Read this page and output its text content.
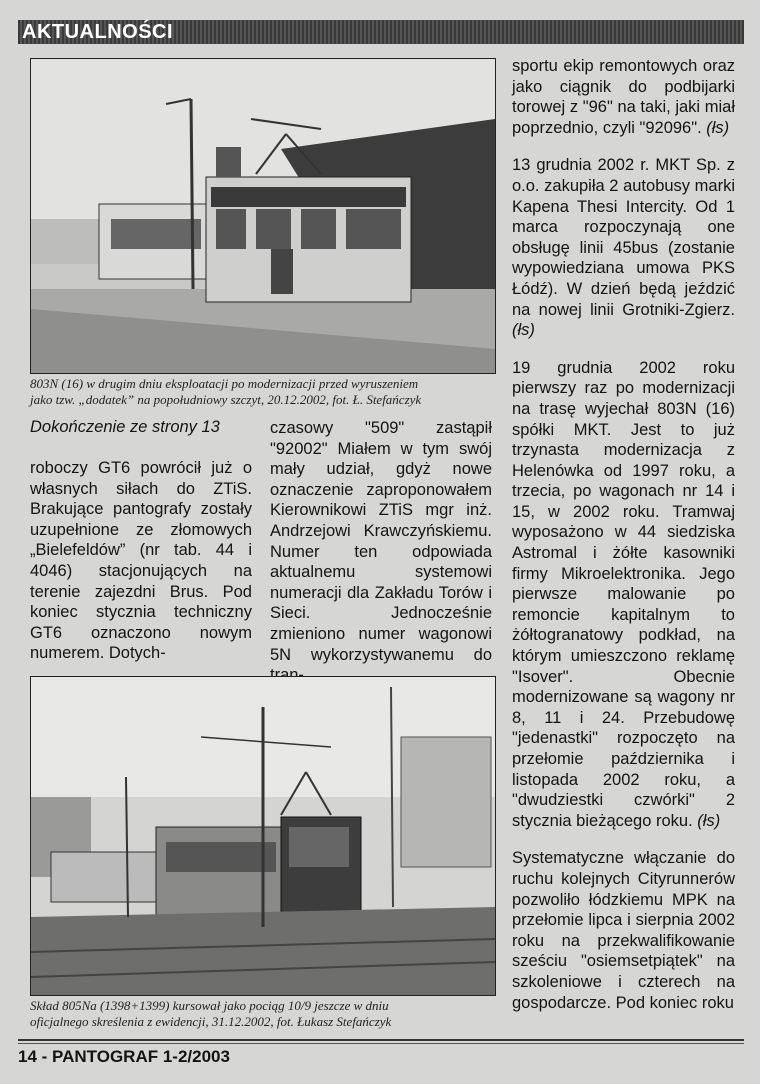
AKTUALNOŚCI
803N (16) w drugim dniu eksploatacji po modernizacji przed wyruszeniem
jako tzw. „dodatek” na popołudniowy szczyt, 20.12.2002, fot. Ł. Stefańczyk
Dokończenie ze strony 13
roboczy GT6 powrócił już o własnych siłach do ZTiS. Brakujące pantografy zostały uzupełnione ze złomowych „Bielefeldów” (nr tab. 44 i 4046) stacjonujących na terenie zajezdni Brus. Pod koniec stycznia techniczny GT6 oznaczono nowym numerem. Dotych-
czasowy "509" zastąpił "92002" Miałem w tym swój mały udział, gdyż nowe oznaczenie zaproponowałem Kierownikowi ZTiS mgr inż. Andrzejowi Krawczyńskiemu. Numer ten odpowiada aktualnemu systemowi numeracji dla Zakładu Torów i Sieci. Jednocześnie zmieniono numer wagonowi 5N wykorzystywanemu do

sportu ekip remontowych oraz jako ciągnik do podbijarki torowej z "96" na taki, jaki miał poprzednio, czyli "92096". (łs)

13 grudnia 2002 r. MKT Sp. z o.o. zakupiła 2 autobusy marki Kapena Thesi Intercity. Od 1 marca rozpoczynają one obsługę linii 45bus (zostanie wypowiedziana umowa PKS Łódź). W dzień będą jeździć na nowej linii Grotniki-Zgierz. (łs)

19 grudnia 2002 roku pierwszy raz po modernizacji na trasę wyjechał 803N (16) spółki MKT. Jest to już trzynasta modernizacja z Helenówka od 1997 roku, a trzecia, po wagonach nr 14 i 15, w 2002 roku. Tramwaj wyposażono w 44 siedziska Astromal i żółte kasowniki firmy Mikroelektronika. Jego pierwsze malowanie po remoncie kapitalnym to żółtogranatowy podkład, na którym umieszczono reklamę "Isover". Obecnie modernizowane są wagony nr 8, 11 i 24. Przebudowę "jedenastki" rozpoczęto na przełomie października i listopada 2002 roku, a "dwudziestki czwórki" 2 stycznia bieżącego roku. (łs)

Systematyczne włączanie do ruchu kolejnych Cityrunnerów pozwoliło łódzkiemu MPK na przełomie lipca i sierpnia 2002 roku na przekwalifikowanie sześciu "osiemsetpiątek" na szkoleniowe i czterech na gospodarcze. Pod koniec roku

Skład 805Na (1398+1399) kursował jako pociąg 10/9 jeszcze w dniu
oficjalnego skreślenia z ewidencji, 31.12.2002, fot. Łukasz Stefańczyk
14 - PANTOGRAF 1-2/2003
